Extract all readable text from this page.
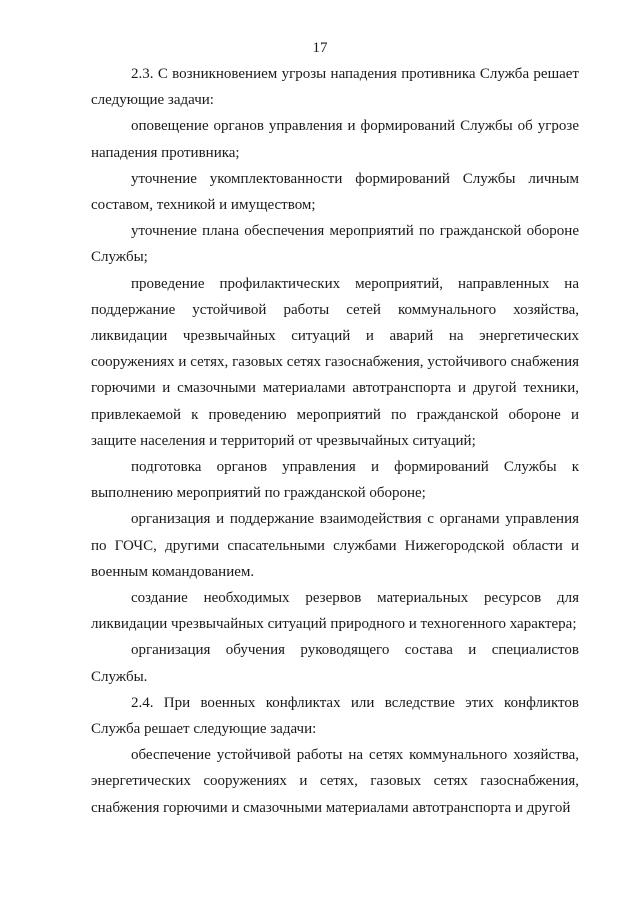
17

2.3. С возникновением угрозы нападения противника Служба решает следующие задачи:

оповещение органов управления и формирований Службы об угрозе нападения противника;

уточнение укомплектованности формирований Службы личным составом, техникой и имуществом;

уточнение плана обеспечения мероприятий по гражданской обороне Службы;

проведение профилактических мероприятий, направленных на поддержание устойчивой работы сетей коммунального хозяйства, ликвидации чрезвычайных ситуаций и аварий на энергетических сооружениях и сетях, газовых сетях газоснабжения, устойчивого снабжения горючими и смазочными материалами автотранспорта и другой техники, привлекаемой к проведению мероприятий по гражданской обороне и защите населения и территорий от чрезвычайных ситуаций;

подготовка органов управления и формирований Службы к выполнению мероприятий по гражданской обороне;

организация и поддержание взаимодействия с органами управления по ГОЧС, другими спасательными службами Нижегородской области и военным командованием.

создание необходимых резервов материальных ресурсов для ликвидации чрезвычайных ситуаций природного и техногенного характера;

организация обучения руководящего состава и специалистов Службы.

2.4. При военных конфликтах или вследствие этих конфликтов Служба решает следующие задачи:

обеспечение устойчивой работы на сетях коммунального хозяйства, энергетических сооружениях и сетях, газовых сетях газоснабжения, снабжения горючими и смазочными материалами автотранспорта и другой
